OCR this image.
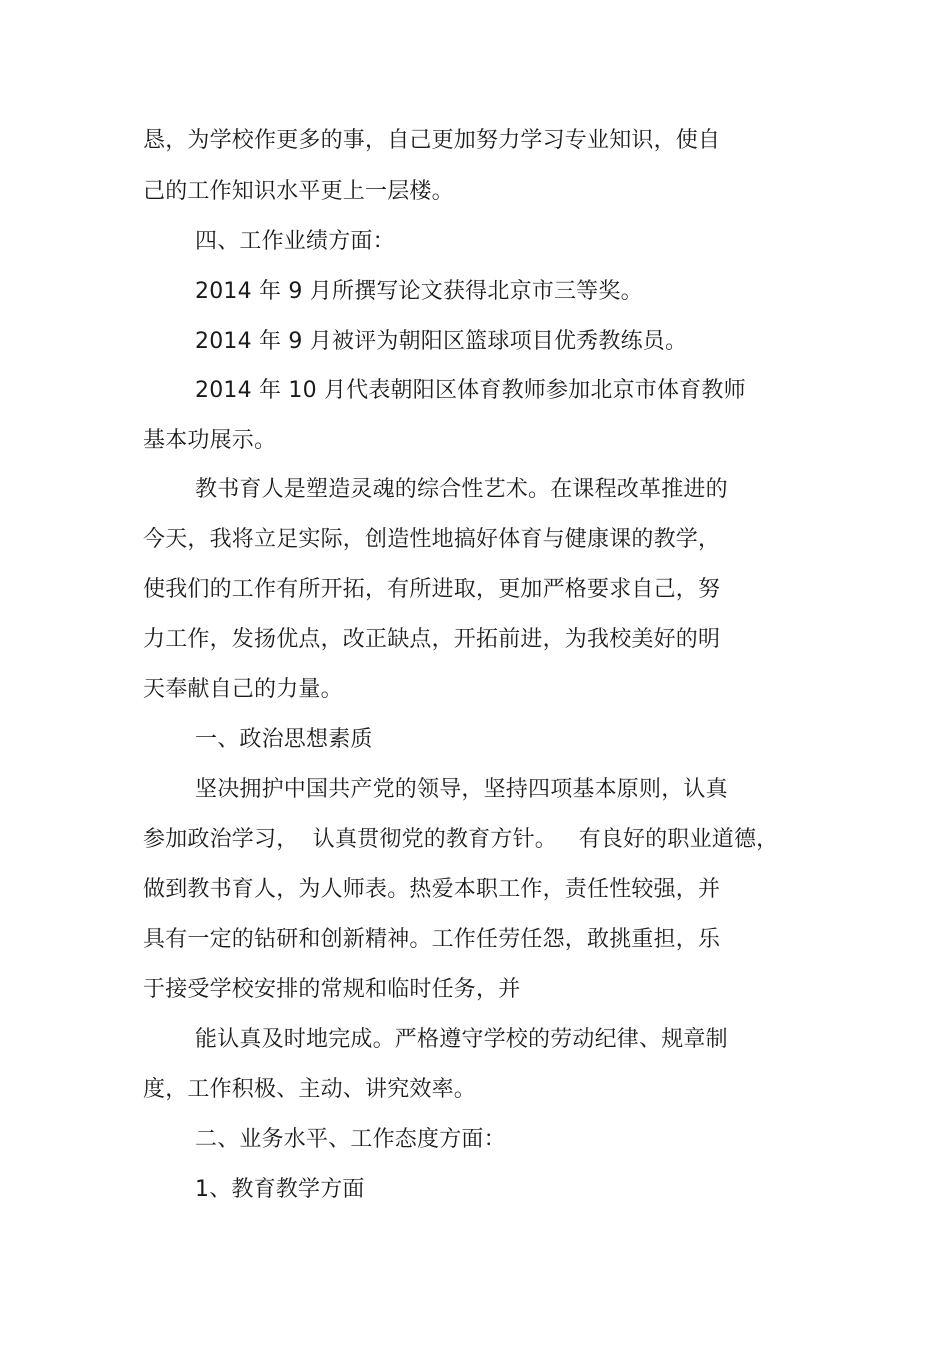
恳，为学校作更多的事，自己更加努力学习专业知识，使自
己的工作知识水平更上一层楼。
四、工作业绩方面：
2014 年 9 月所撰写论文获得北京市三等奖。
2014 年 9 月被评为朝阳区篮球项目优秀教练员。
2014 年 10 月代表朝阳区体育教师参加北京市体育教师
基本功展示。
教书育人是塑造灵魂的综合性艺术。在课程改革推进的
今天，我将立足实际，创造性地搞好体育与健康课的教学，
使我们的工作有所开拓，有所进取，更加严格要求自己，努
力工作，发扬优点，改正缺点，开拓前进，为我校美好的明
天奉献自己的力量。
一、政治思想素质
坚决拥护中国共产党的领导，坚持四项基本原则，认真
参加政治学习，  认真贯彻党的教育方针。   有良好的职业道德，
做到教书育人，为人师表。热爱本职工作，责任性较强，并
具有一定的钻研和创新精神。工作任劳任怨，敢挑重担，乐
于接受学校安排的常规和临时任务，并
能认真及时地完成。严格遵守学校的劳动纪律、规章制
度，工作积极、主动、讲究效率。
二、业务水平、工作态度方面：
1、教育教学方面
